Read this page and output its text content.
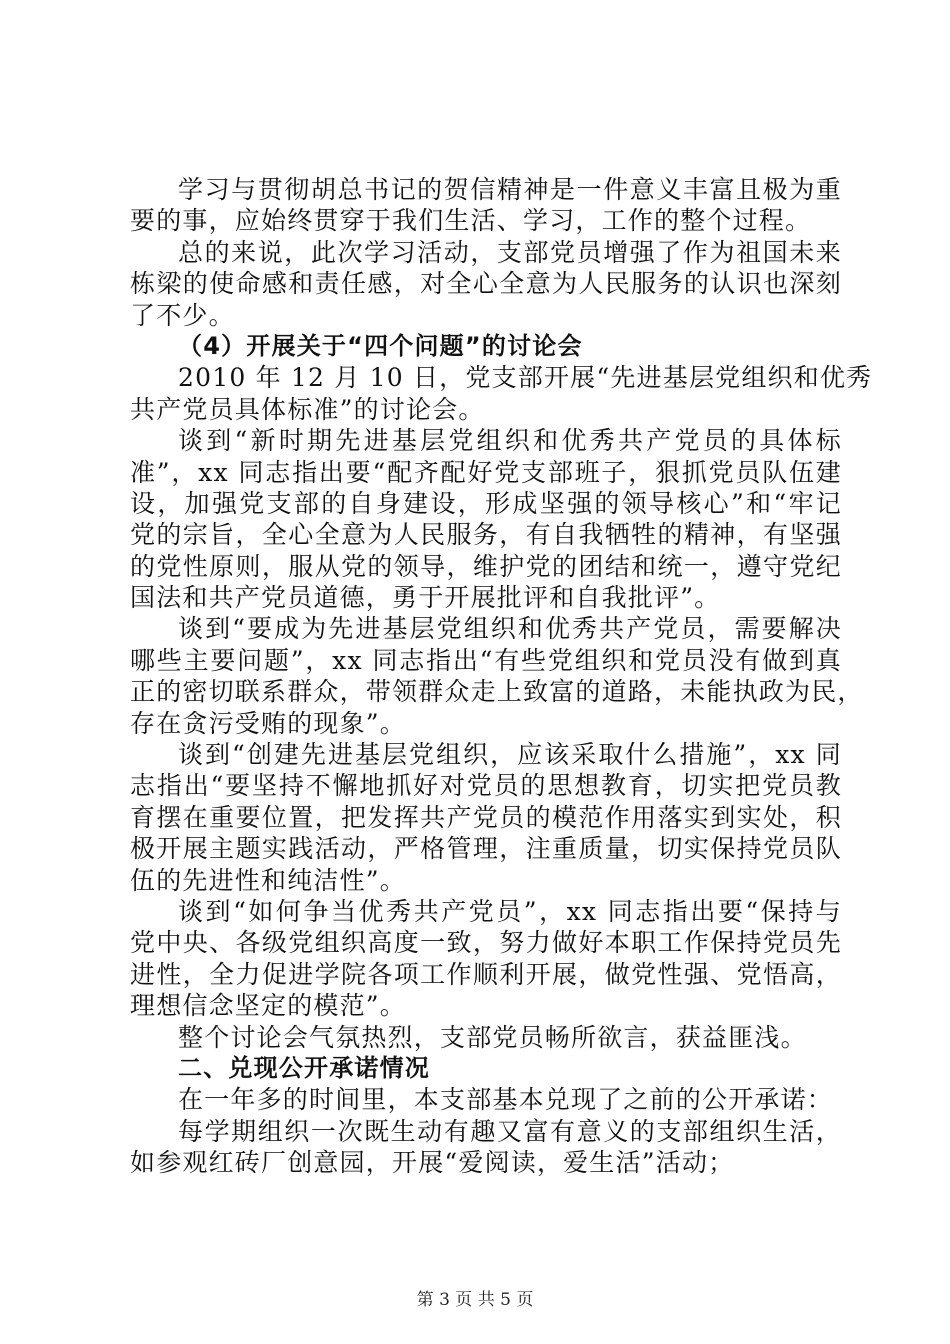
学习与贯彻胡总书记的贺信精神是一件意义丰富且极为重
要的事，应始终贯穿于我们生活、学习，工作的整个过程。
总的来说，此次学习活动，支部党员增强了作为祖国未来
栋梁的使命感和责任感，对全心全意为人民服务的认识也深刻
了不少。
（4）开展关于“四个问题”的讨论会
2010 年 12 月 10 日，党支部开展“先进基层党组织和优秀
共产党员具体标准”的讨论会。
谈到“新时期先进基层党组织和优秀共产党员的具体标
准”，xx 同志指出要“配齐配好党支部班子，狠抓党员队伍建
设，加强党支部的自身建设，形成坚强的领导核心”和“牢记
党的宗旨，全心全意为人民服务，有自我牺牲的精神，有坚强
的党性原则，服从党的领导，维护党的团结和统一，遵守党纪
国法和共产党员道德，勇于开展批评和自我批评”。
谈到“要成为先进基层党组织和优秀共产党员，需要解决
哪些主要问题”，xx 同志指出“有些党组织和党员没有做到真
正的密切联系群众，带领群众走上致富的道路，未能执政为民，
存在贪污受贿的现象”。
谈到“创建先进基层党组织，应该采取什么措施”，xx 同
志指出“要坚持不懈地抓好对党员的思想教育，切实把党员教
育摆在重要位置，把发挥共产党员的模范作用落实到实处，积
极开展主题实践活动，严格管理，注重质量，切实保持党员队
伍的先进性和纯洁性”。
谈到“如何争当优秀共产党员”，xx 同志指出要“保持与
党中央、各级党组织高度一致，努力做好本职工作保持党员先
进性，全力促进学院各项工作顺利开展，做党性强、党悟高，
理想信念坚定的模范”。
整个讨论会气氛热烈，支部党员畅所欲言，获益匪浅。
二、兑现公开承诺情况
在一年多的时间里，本支部基本兑现了之前的公开承诺：
每学期组织一次既生动有趣又富有意义的支部组织生活，
如参观红砖厂创意园，开展“爱阅读，爱生活”活动；
第 3 页 共 5 页
